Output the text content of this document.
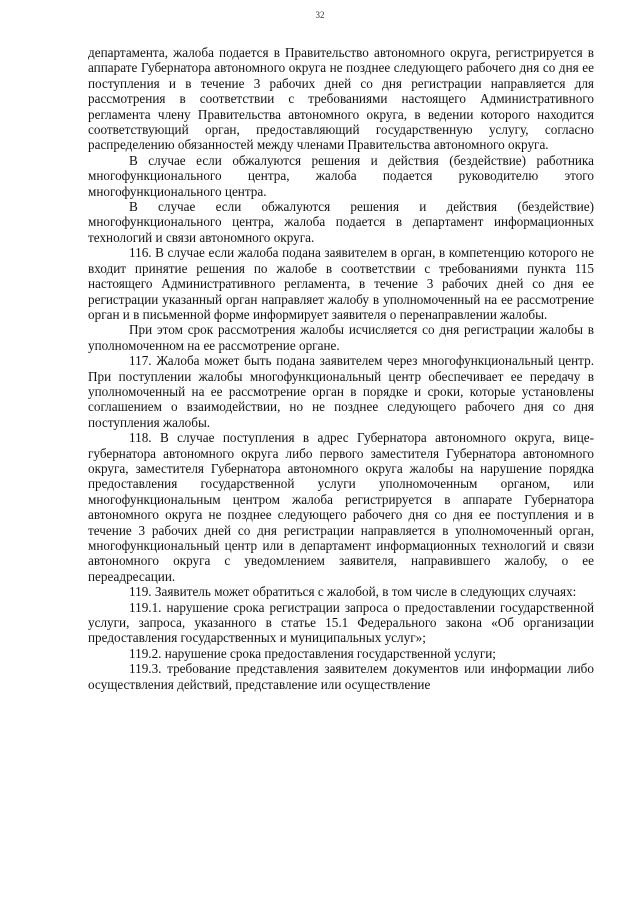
32

департамента, жалоба подается в Правительство автономного округа, регистрируется в аппарате Губернатора автономного округа не позднее следующего рабочего дня со дня ее поступления и в течение 3 рабочих дней со дня регистрации направляется для рассмотрения в соответствии с требованиями настоящего Административного регламента члену Правительства автономного округа, в ведении которого находится соответствующий орган, предоставляющий государственную услугу, согласно распределению обязанностей между членами Правительства автономного округа.

В случае если обжалуются решения и действия (бездействие) работника многофункционального центра, жалоба подается руководителю этого многофункционального центра.

В случае если обжалуются решения и действия (бездействие) многофункционального центра, жалоба подается в департамент информационных технологий и связи автономного округа.

116. В случае если жалоба подана заявителем в орган, в компетенцию которого не входит принятие решения по жалобе в соответствии с требованиями пункта 115 настоящего Административного регламента, в течение 3 рабочих дней со дня ее регистрации указанный орган направляет жалобу в уполномоченный на ее рассмотрение орган и в письменной форме информирует заявителя о перенаправлении жалобы.

При этом срок рассмотрения жалобы исчисляется со дня регистрации жалобы в уполномоченном на ее рассмотрение органе.

117. Жалоба может быть подана заявителем через многофункциональный центр. При поступлении жалобы многофункциональный центр обеспечивает ее передачу в уполномоченный на ее рассмотрение орган в порядке и сроки, которые установлены соглашением о взаимодействии, но не позднее следующего рабочего дня со дня поступления жалобы.

118. В случае поступления в адрес Губернатора автономного округа, вице-губернатора автономного округа либо первого заместителя Губернатора автономного округа, заместителя Губернатора автономного округа жалобы на нарушение порядка предоставления государственной услуги уполномоченным органом, или многофункциональным центром жалоба регистрируется в аппарате Губернатора автономного округа не позднее следующего рабочего дня со дня ее поступления и в течение 3 рабочих дней со дня регистрации направляется в уполномоченный орган, многофункциональный центр или в департамент информационных технологий и связи автономного округа с уведомлением заявителя, направившего жалобу, о ее переадресации.

119. Заявитель может обратиться с жалобой, в том числе в следующих случаях:

119.1. нарушение срока регистрации запроса о предоставлении государственной услуги, запроса, указанного в статье 15.1 Федерального закона «Об организации предоставления государственных и муниципальных услуг»;

119.2. нарушение срока предоставления государственной услуги;

119.3. требование представления заявителем документов или информации либо осуществления действий, представление или осуществление
